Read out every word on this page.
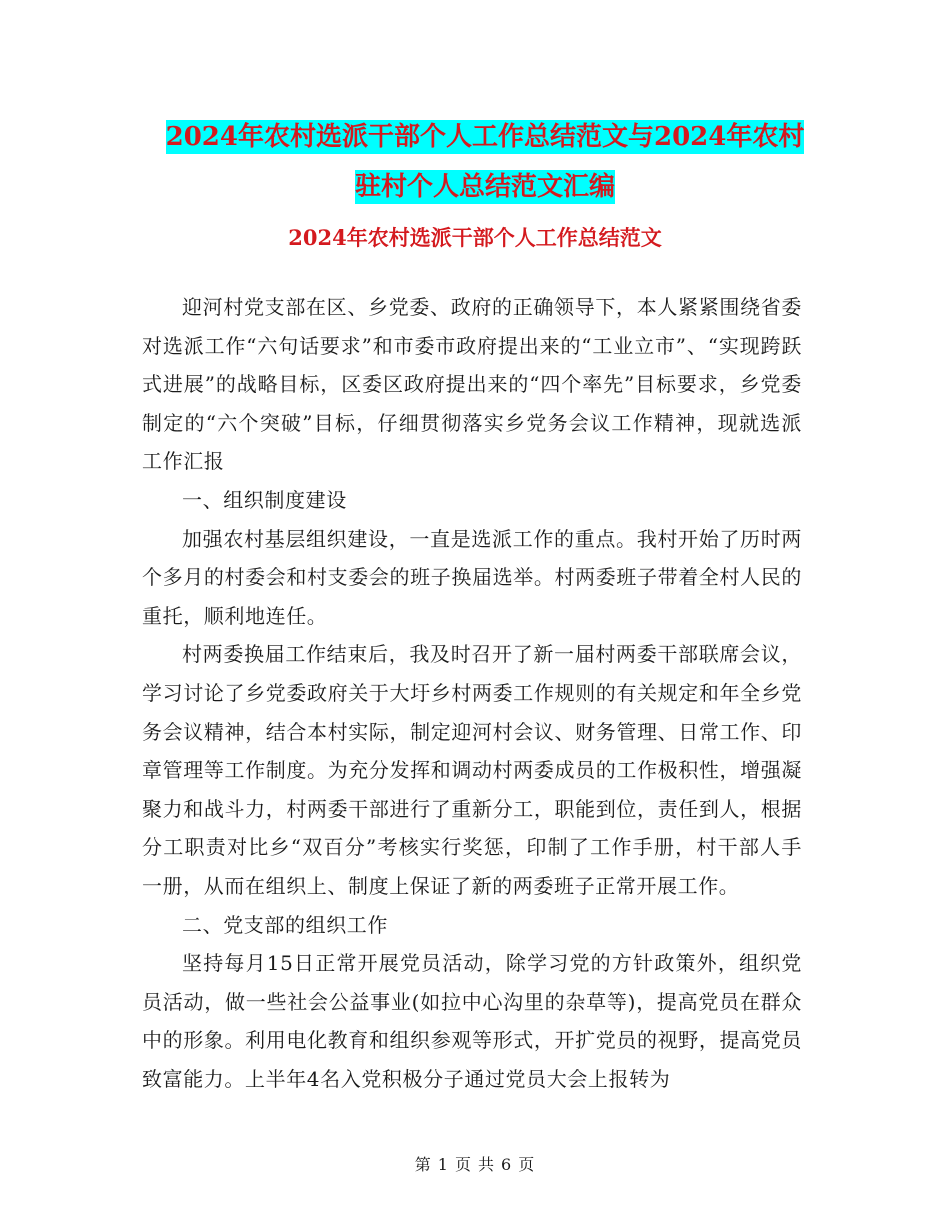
2024年农村选派干部个人工作总结范文与2024年农村
驻村个人总结范文汇编
2024年农村选派干部个人工作总结范文

迎河村党支部在区、乡党委、政府的正确领导下，本人紧紧围绕省委对选派工作“六句话要求”和市委市政府提出来的“工业立市”、“实现跨跃式进展”的战略目标，区委区政府提出来的“四个率先”目标要求，乡党委制定的“六个突破”目标，仔细贯彻落实乡党务会议工作精神，现就选派工作汇报

一、组织制度建设

加强农村基层组织建设，一直是选派工作的重点。我村开始了历时两个多月的村委会和村支委会的班子换届选举。村两委班子带着全村人民的重托，顺利地连任。

村两委换届工作结束后，我及时召开了新一届村两委干部联席会议，学习讨论了乡党委政府关于大圩乡村两委工作规则的有关规定和年全乡党务会议精神，结合本村实际，制定迎河村会议、财务管理、日常工作、印章管理等工作制度。为充分发挥和调动村两委成员的工作极积性，增强凝聚力和战斗力，村两委干部进行了重新分工，职能到位，责任到人，根据分工职责对比乡“双百分”考核实行奖惩，印制了工作手册，村干部人手一册，从而在组织上、制度上保证了新的两委班子正常开展工作。

二、党支部的组织工作

坚持每月15日正常开展党员活动，除学习党的方针政策外，组织党员活动，做一些社会公益事业(如拉中心沟里的杂草等)，提高党员在群众中的形象。利用电化教育和组织参观等形式，开扩党员的视野，提高党员致富能力。上半年4名入党积极分子通过党员大会上报转为

第 1 页 共 6 页
